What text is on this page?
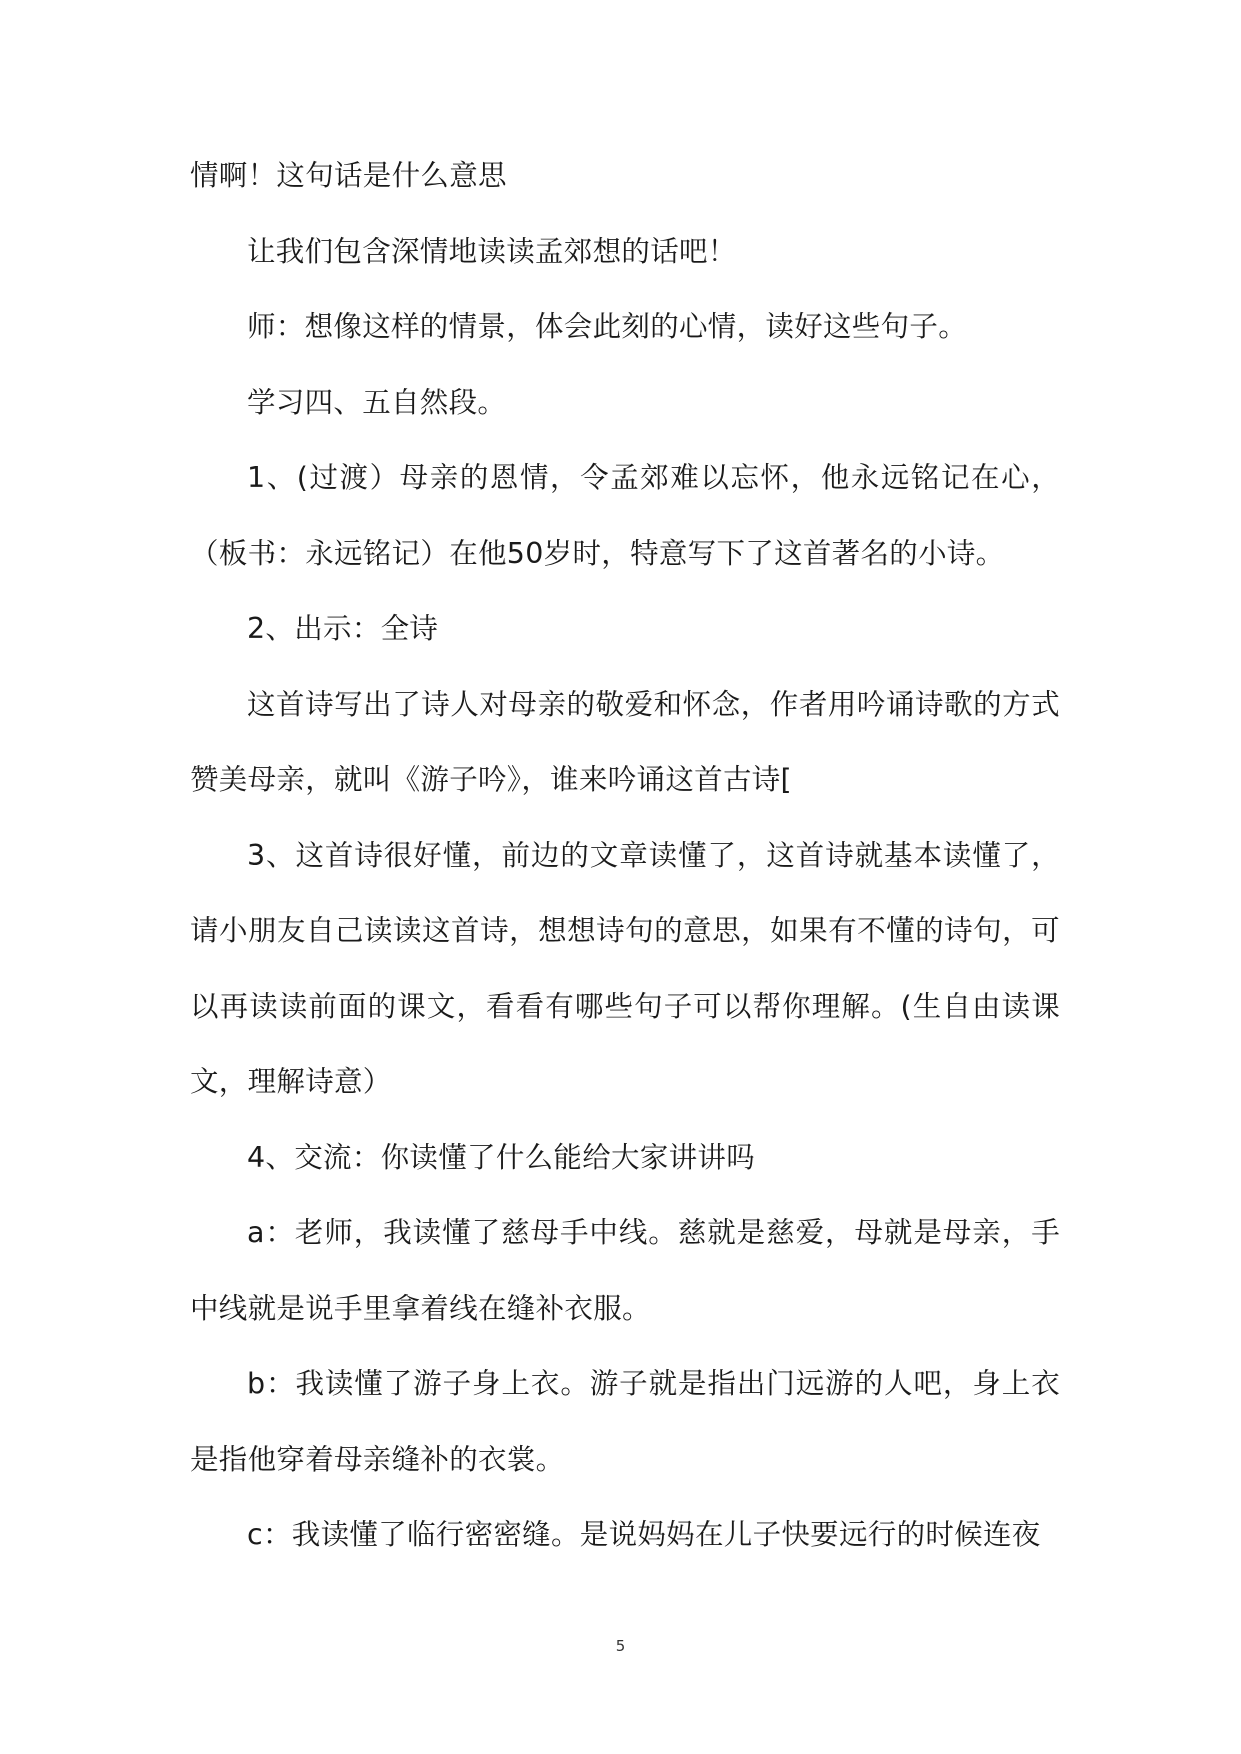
情啊！这句话是什么意思

让我们包含深情地读读孟郊想的话吧！

师：想像这样的情景，体会此刻的心情，读好这些句子。

学习四、五自然段。

1、(过渡）母亲的恩情，令孟郊难以忘怀，他永远铭记在心，（板书：永远铭记）在他50岁时，特意写下了这首著名的小诗。

2、出示：全诗

这首诗写出了诗人对母亲的敬爱和怀念，作者用吟诵诗歌的方式赞美母亲，就叫《游子吟》，谁来吟诵这首古诗[

3、这首诗很好懂，前边的文章读懂了，这首诗就基本读懂了，请小朋友自己读读这首诗，想想诗句的意思，如果有不懂的诗句，可以再读读前面的课文，看看有哪些句子可以帮你理解。(生自由读课文，理解诗意）

4、交流：你读懂了什么能给大家讲讲吗

a：老师，我读懂了慈母手中线。慈就是慈爱，母就是母亲，手中线就是说手里拿着线在缝补衣服。

b：我读懂了游子身上衣。游子就是指出门远游的人吧，身上衣是指他穿着母亲缝补的衣裳。

c：我读懂了临行密密缝。是说妈妈在儿子快要远行的时候连夜

5
